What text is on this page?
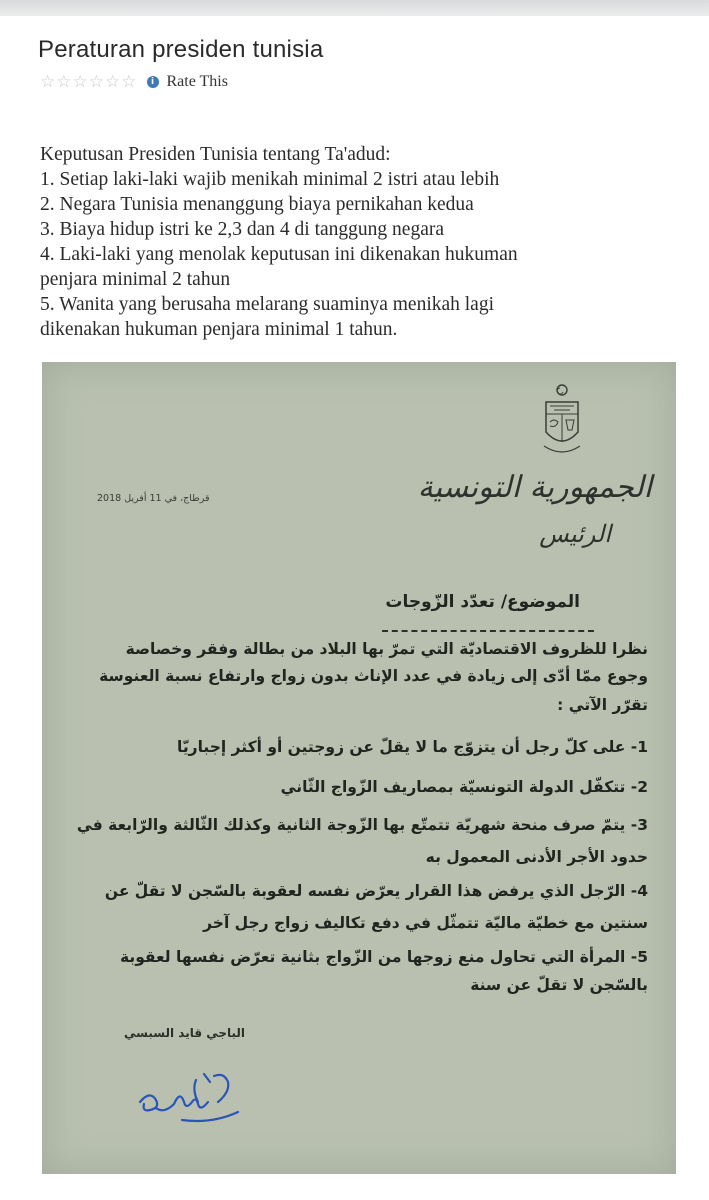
Peraturan presiden tunisia
☆ ☆ ☆ ☆ ☆ ☆	i Rate This
Keputusan Presiden Tunisia tentang Ta'adud:
1. Setiap laki-laki wajib menikah minimal 2 istri atau lebih
2. Negara Tunisia menanggung biaya pernikahan kedua
3. Biaya hidup istri ke 2,3 dan 4 di tanggung negara
4. Laki-laki yang menolak keputusan ini dikenakan hukuman
penjara minimal 2 tahun
5. Wanita yang berusaha melarang suaminya menikah lagi
dikenakan hukuman penjara minimal 1 tahun.
قرطاج، في 11 أفريل 2018	الجمهورية التونسية
الرئيس
الموضوع/ تعدّد الزّوجات
نظرا للظروف الاقتصاديّة التي تمرّ بها البلاد من بطالة وفقر وخصاصة
وجوع ممّا أدّى إلى زيادة في عدد الإناث بدون زواج وارتفاع نسبة العنوسة
تقرّر الآتي :
1- على كلّ رجل أن يتزوّج ما لا يقلّ عن زوجتين أو أكثر إجباريّا
2- تتكفّل الدولة التونسيّة بمصاريف الزّواج الثّاني
3- يتمّ صرف منحة شهريّة تتمتّع بها الزّوجة الثانية وكذلك الثّالثة والرّابعة في
حدود الأجر الأدنى المعمول به
4- الرّجل الذي يرفض هذا القرار يعرّض نفسه لعقوبة بالسّجن لا تقلّ عن
سنتين مع خطيّة ماليّة تتمثّل في دفع تكاليف زواج رجل آخر
5- المرأة التي تحاول منع زوجها من الزّواج بثانية تعرّض نفسها لعقوبة
بالسّجن لا تقلّ عن سنة
الباجي قايد السبسي
